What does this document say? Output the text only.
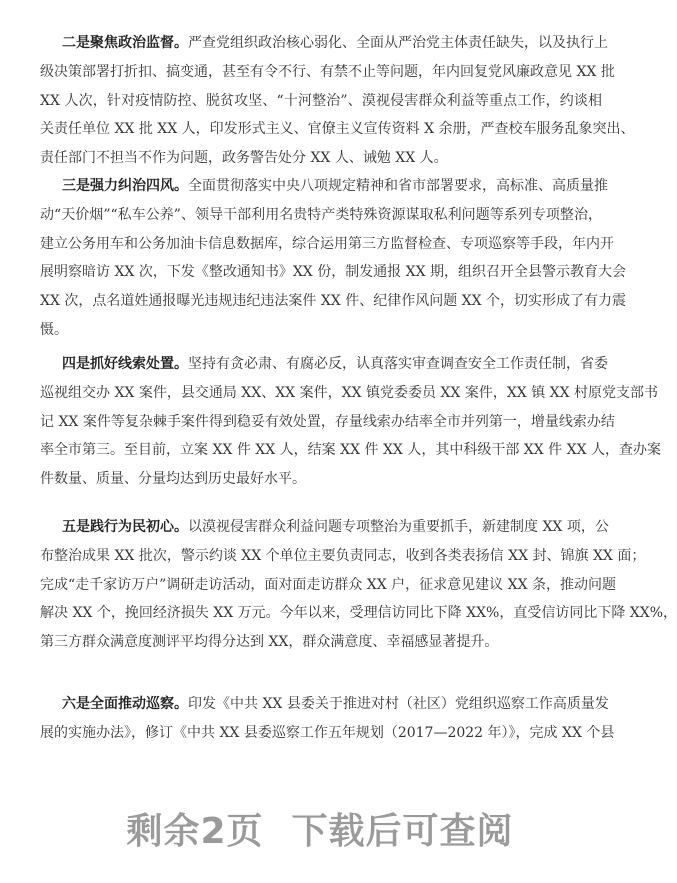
二是聚焦政治监督。严查党组织政治核心弱化、全面从严治党主体责任缺失，以及执行上
级决策部署打折扣、搞变通，甚至有令不行、有禁不止等问题，年内回复党风廉政意见 XX 批
XX 人次，针对疫情防控、脱贫攻坚、“十河整治”、漠视侵害群众利益等重点工作，约谈相
关责任单位 XX 批 XX 人，印发形式主义、官僚主义宣传资料 X 余册，严查校车服务乱象突出、
责任部门不担当不作为问题，政务警告处分 XX 人、诫勉 XX 人。
三是强力纠治四风。全面贯彻落实中央八项规定精神和省市部署要求，高标准、高质量推
动“天价烟”“私车公养”、领导干部利用名贵特产类特殊资源谋取私利问题等系列专项整治，
建立公务用车和公务加油卡信息数据库，综合运用第三方监督检查、专项巡察等手段，年内开
展明察暗访 XX 次，下发《整改通知书》XX 份，制发通报 XX 期，组织召开全县警示教育大会
XX 次，点名道姓通报曝光违规违纪违法案件 XX 件、纪律作风问题 XX 个，切实形成了有力震
慑。
四是抓好线索处置。坚持有贪必肃、有腐必反，认真落实审查调查安全工作责任制，省委
巡视组交办 XX 案件，县交通局 XX、XX 案件，XX 镇党委委员 XX 案件，XX 镇 XX 村原党支部书
记 XX 案件等复杂棘手案件得到稳妥有效处置，存量线索办结率全市并列第一，增量线索办结
率全市第三。至目前，立案 XX 件 XX 人，结案 XX 件 XX 人，其中科级干部 XX 件 XX 人，查办案
件数量、质量、分量均达到历史最好水平。
五是践行为民初心。以漠视侵害群众利益问题专项整治为重要抓手，新建制度 XX 项，公
布整治成果 XX 批次，警示约谈 XX 个单位主要负责同志，收到各类表扬信 XX 封、锦旗 XX 面；
完成“走千家访万户”调研走访活动，面对面走访群众 XX 户，征求意见建议 XX 条，推动问题
解决 XX 个，挽回经济损失 XX 万元。今年以来，受理信访同比下降 XX%，直受信访同比下降 XX%，
第三方群众满意度测评平均得分达到 XX，群众满意度、幸福感显著提升。
六是全面推动巡察。印发《中共 XX 县委关于推进对村（社区）党组织巡察工作高质量发
展的实施办法》，修订《中共 XX 县委巡察工作五年规划（2017—2022 年）》，完成 XX 个县
剩余2页 下载后可查阅
